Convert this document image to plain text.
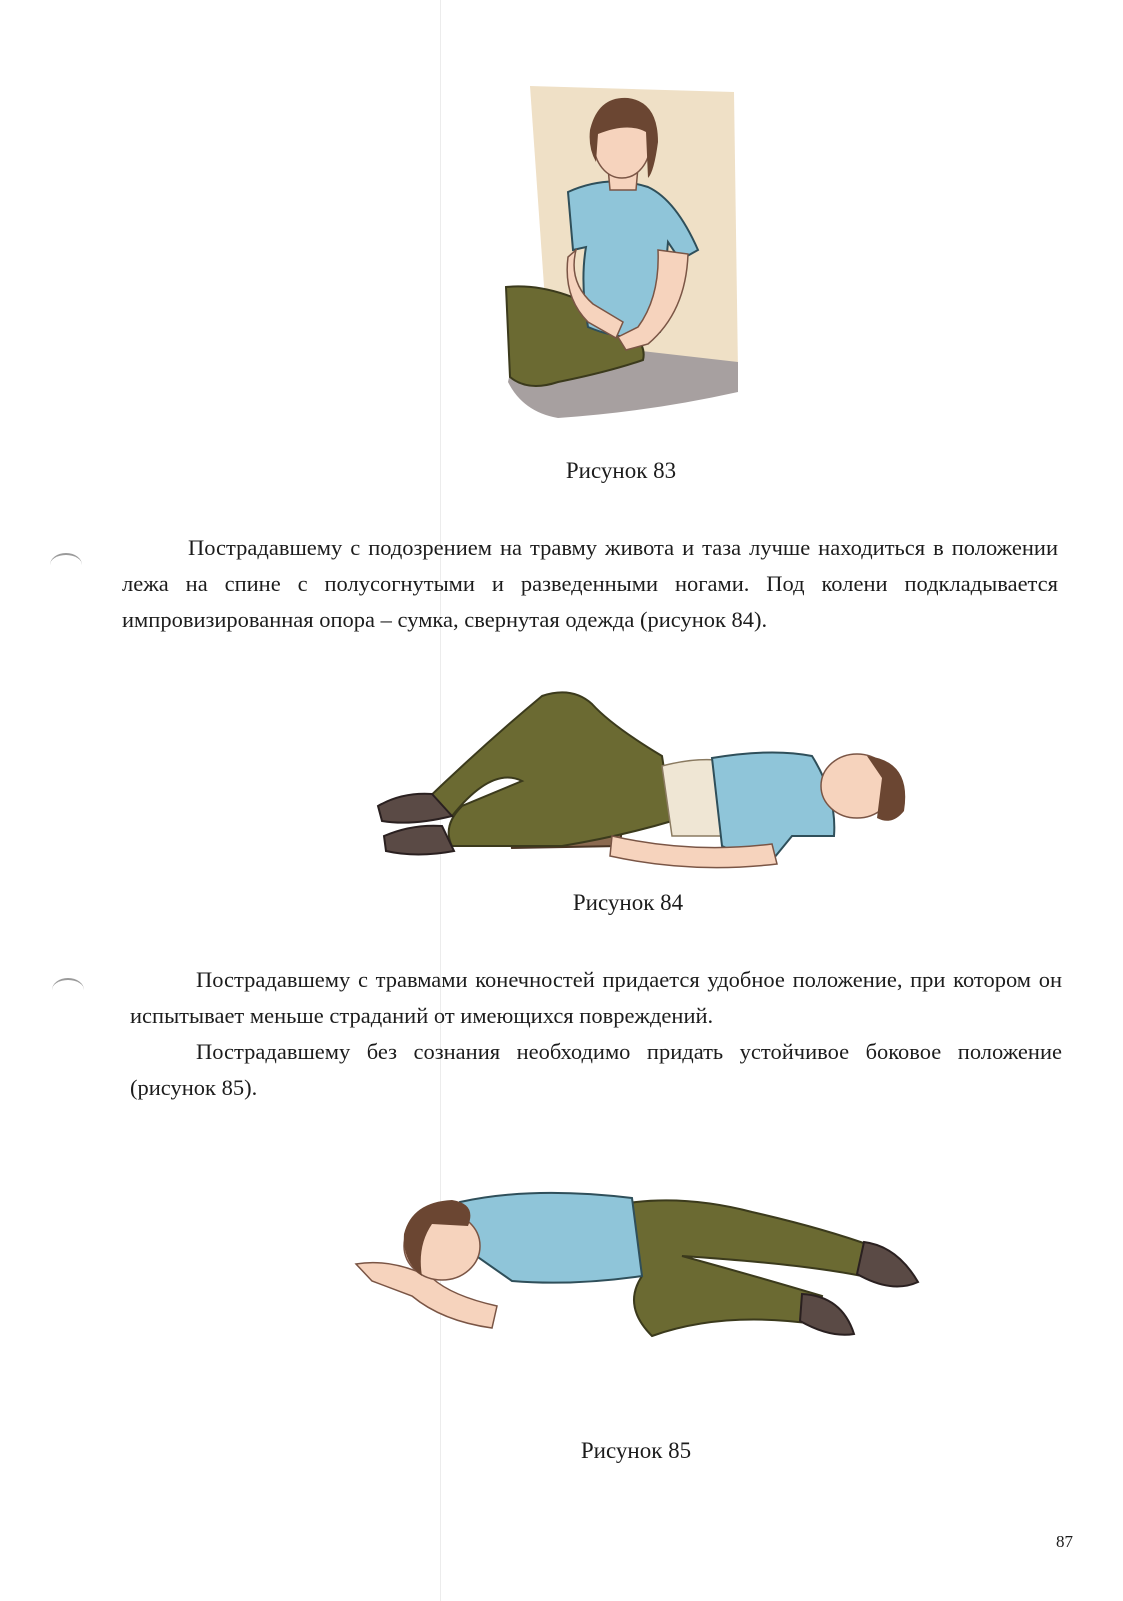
Рисунок 83

Пострадавшему с подозрением на травму живота и таза лучше находиться в положении лежа на спине с полусогнутыми и разведенными ногами. Под колени подкладывается импровизированная опора – сумка, свернутая одежда (рисунок 84).

Рисунок 84

Пострадавшему с травмами конечностей придается удобное положение, при котором он испытывает меньше страданий от имеющихся повреждений.

Пострадавшему без сознания необходимо придать устойчивое боковое положение (рисунок 85).

Рисунок 85
87
